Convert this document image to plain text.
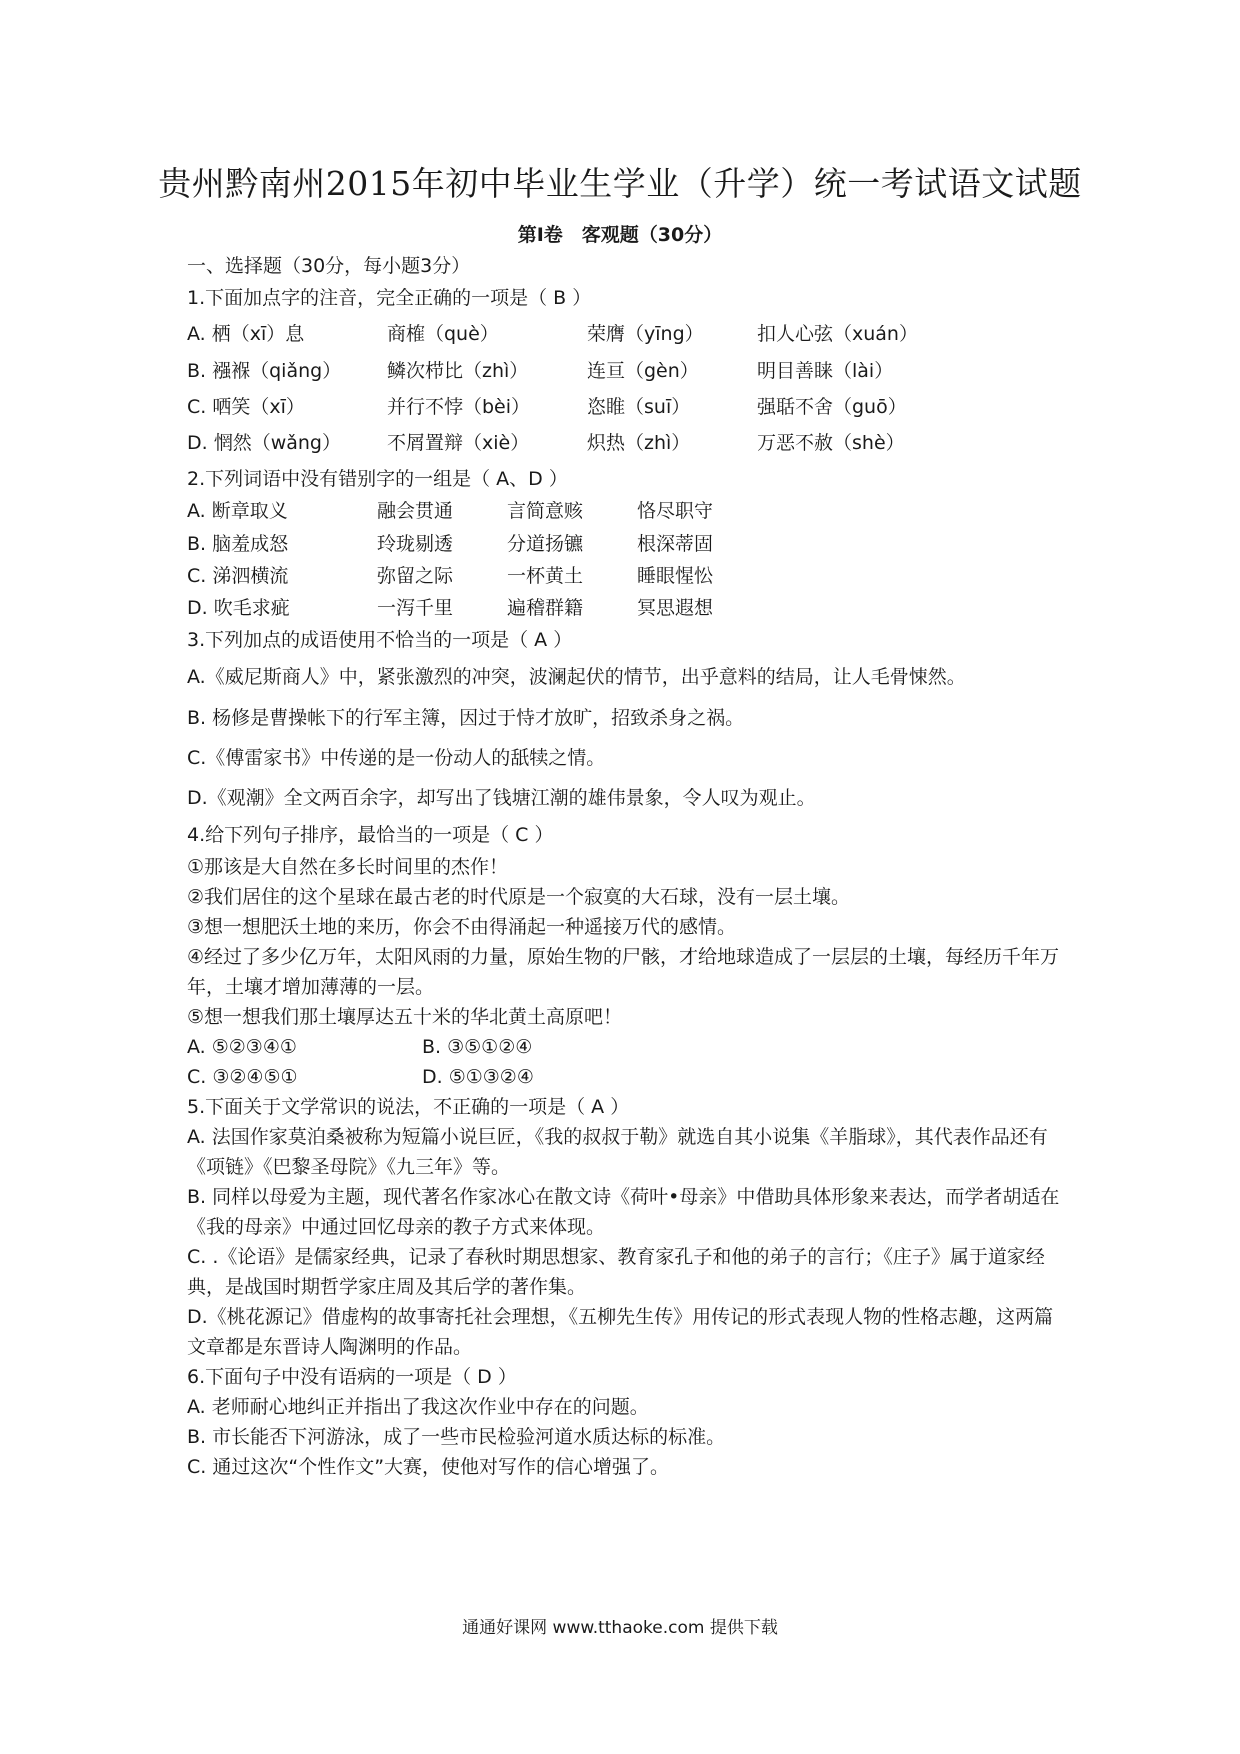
贵州黔南州2015年初中毕业生学业（升学）统一考试语文试题
第Ⅰ卷　客观题（30分）
一、选择题（30分，每小题3分）
1.下面加点字的注音，完全正确的一项是（ B ）
A. 栖（xī）息	商榷（què）	荣膺（yīng）	扣人心弦（xuán）
B. 襁褓（qiǎng）	鳞次栉比（zhì）	连亘（gèn）	明目善睐（lài）
C. 哂笑（xī）	并行不悖（bèi）	恣睢（suī）	强聒不舍（guō）
D. 惘然（wǎng）	不屑置辩（xiè）	炽热（zhì）	万恶不赦（shè）
2.下列词语中没有错别字的一组是（ A、D ）
A. 断章取义	融会贯通	言简意赅	恪尽职守
B. 脑羞成怒	玲珑剔透	分道扬镳	根深蒂固
C. 涕泗横流	弥留之际	一杯黄土	睡眼惺忪
D. 吹毛求疵	一泻千里	遍稽群籍	冥思遐想
3.下列加点的成语使用不恰当的一项是（ A ）
A.《威尼斯商人》中，紧张激烈的冲突，波澜起伏的情节，出乎意料的结局，让人毛骨悚然。
B. 杨修是曹操帐下的行军主簿，因过于恃才放旷，招致杀身之祸。
C.《傅雷家书》中传递的是一份动人的舐犊之情。
D.《观潮》全文两百余字，却写出了钱塘江潮的雄伟景象，令人叹为观止。
4.给下列句子排序，最恰当的一项是（ C ）
①那该是大自然在多长时间里的杰作！
②我们居住的这个星球在最古老的时代原是一个寂寞的大石球，没有一层土壤。
③想一想肥沃土地的来历，你会不由得涌起一种遥接万代的感情。
④经过了多少亿万年，太阳风雨的力量，原始生物的尸骸，才给地球造成了一层层的土壤，每经历千年万年，土壤才增加薄薄的一层。
⑤想一想我们那土壤厚达五十米的华北黄土高原吧！
A. ⑤②③④①	B. ③⑤①②④
C. ③②④⑤①	D. ⑤①③②④
5.下面关于文学常识的说法，不正确的一项是（ A ）
A. 法国作家莫泊桑被称为短篇小说巨匠，《我的叔叔于勒》就选自其小说集《羊脂球》，其代表作品还有《项链》《巴黎圣母院》《九三年》等。
B. 同样以母爱为主题，现代著名作家冰心在散文诗《荷叶•母亲》中借助具体形象来表达，而学者胡适在《我的母亲》中通过回忆母亲的教子方式来体现。
C. .《论语》是儒家经典，记录了春秋时期思想家、教育家孔子和他的弟子的言行；《庄子》属于道家经典，是战国时期哲学家庄周及其后学的著作集。
D.《桃花源记》借虚构的故事寄托社会理想，《五柳先生传》用传记的形式表现人物的性格志趣，这两篇文章都是东晋诗人陶渊明的作品。
6.下面句子中没有语病的一项是（ D ）
A. 老师耐心地纠正并指出了我这次作业中存在的问题。
B. 市长能否下河游泳，成了一些市民检验河道水质达标的标准。
C. 通过这次“个性作文”大赛，使他对写作的信心增强了。
通通好课网 www.tthaoke.com 提供下载
